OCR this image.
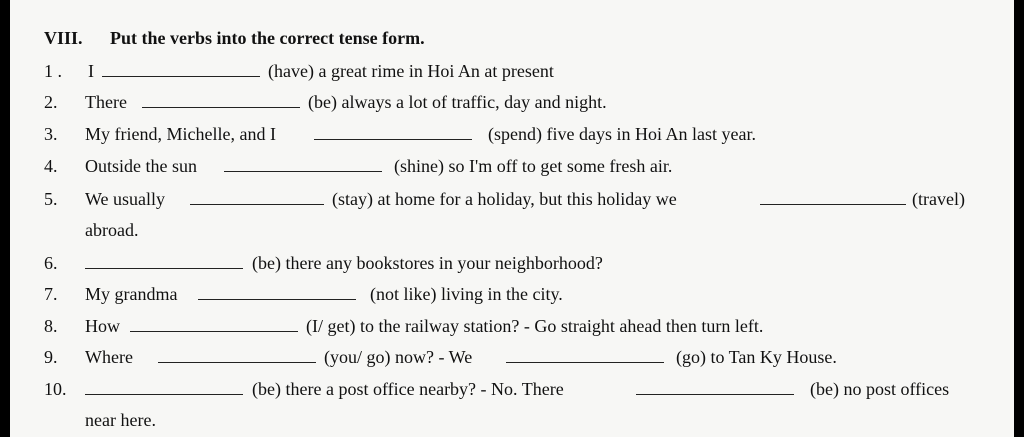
VIII. Put the verbs into the correct tense form.
1 . I	(have) a great rime in Hoi An at present
2. There	(be) always a lot of traffic, day and night.
3. My friend, Michelle, and I	(spend) five days in Hoi An last year.
4. Outside the sun	(shine) so I'm off to get some fresh air.
5. We usually	(stay) at home for a holiday, but this holiday we	(travel)
abroad.
6.	(be) there any bookstores in your neighborhood?
7. My grandma	(not like) living in the city.
8. How	(I/ get) to the railway station? - Go straight ahead then turn left.
9. Where	(you/ go) now? - We	(go) to Tan Ky House.
10.	(be) there a post office nearby? - No. There	(be) no post offices
near here.
